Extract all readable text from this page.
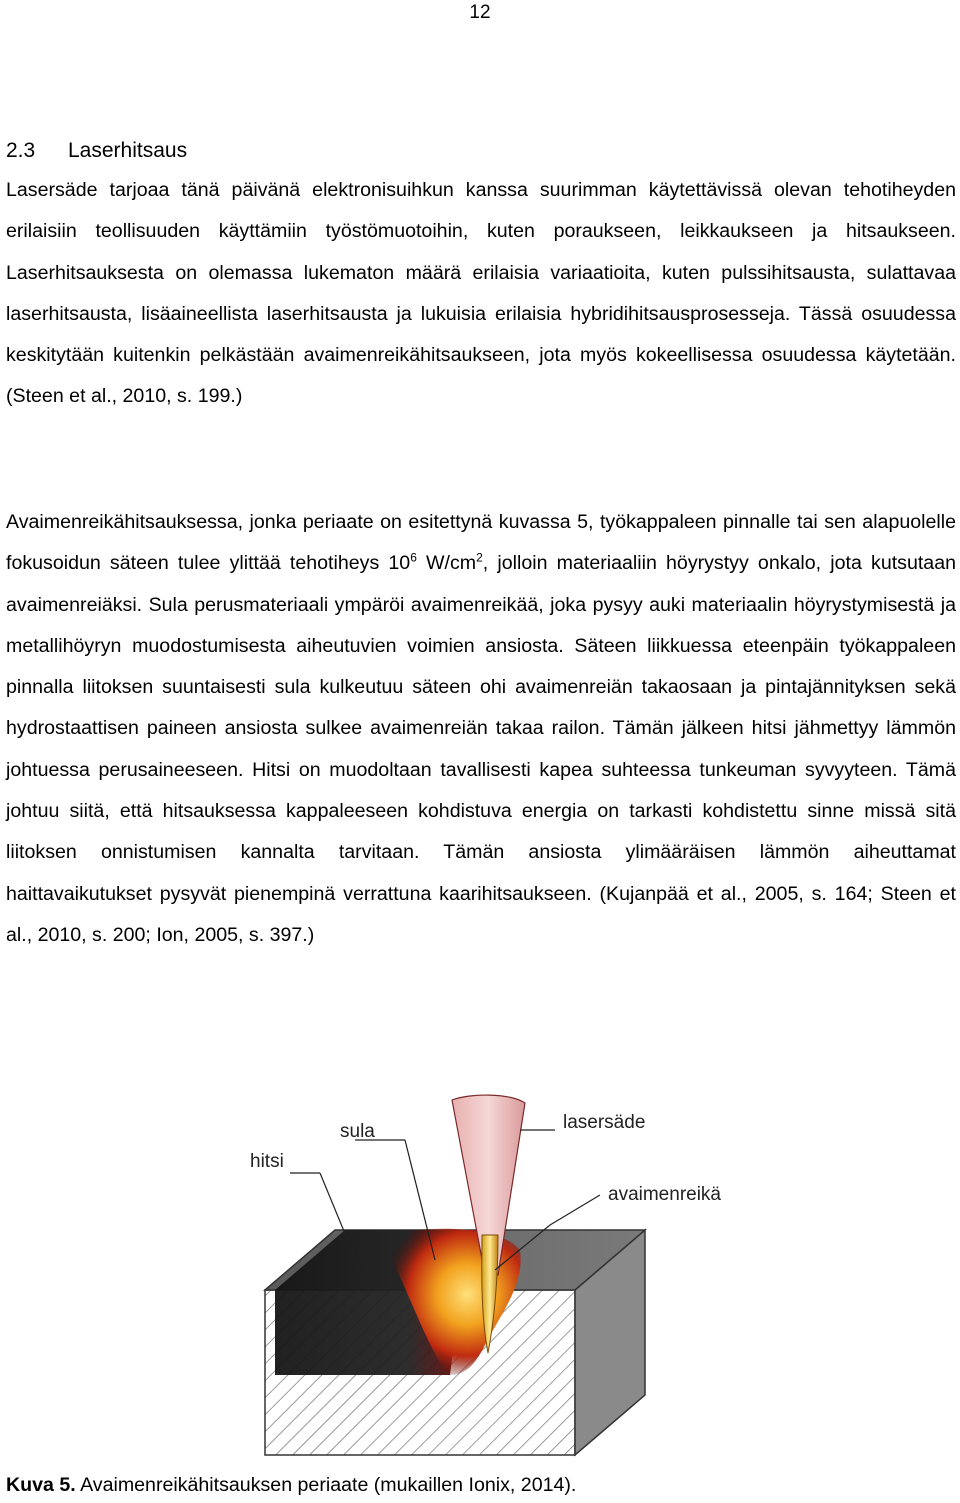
12
2.3 Laserhitsaus

Lasersäde tarjoaa tänä päivänä elektronisuihkun kanssa suurimman käytettävissä olevan tehotiheyden erilaisiin teollisuuden käyttämiin työstömuotoihin, kuten poraukseen, leikkaukseen ja hitsaukseen. Laserhitsauksesta on olemassa lukematon määrä erilaisia variaatioita, kuten pulssihitsausta, sulattavaa laserhitsausta, lisäaineellista laserhitsausta ja lukuisia erilaisia hybridihitsausprosesseja. Tässä osuudessa keskitytään kuitenkin pelkästään avaimenreikähitsaukseen, jota myös kokeellisessa osuudessa käytetään. (Steen et al., 2010, s. 199.)

Avaimenreikähitsauksessa, jonka periaate on esitettynä kuvassa 5, työkappaleen pinnalle tai sen alapuolelle fokusoidun säteen tulee ylittää tehotiheys $10^6$ $W/cm^2$, jolloin materiaaliin höyrystyy onkalo, jota kutsutaan avaimenreiäksi. Sula perusmateriaali ympäröi avaimenreikää, joka pysyy auki materiaalin höyrystymisestä ja metallihöyryn muodostumisesta aiheutuvien voimien ansiosta. Säteen liikkuessa eteenpäin työkappaleen pinnalla liitoksen suuntaisesti sula kulkeutuu säteen ohi avaimenreiän takaosaan ja pintajännityksen sekä hydrostaattisen paineen ansiosta sulkee avaimenreiän takaa railon. Tämän jälkeen hitsi jähmettyy lämmön johtuessa perusaineeseen. Hitsi on muodoltaan tavallisesti kapea suhteessa tunkeuman syvyyteen. Tämä johtuu siitä, että hitsauksessa kappaleeseen kohdistuva energia on tarkasti kohdistettu sinne missä sitä liitoksen onnistumisen kannalta tarvitaan. Tämän ansiosta ylimääräisen lämmön aiheuttamat haittavaikutukset pysyvät pienempinä verrattuna kaarihitsaukseen. (Kujanpää et al., 2005, s. 164; Steen et al., 2010, s. 200; Ion, 2005, s. 397.)

sula
hitsi
lasersäde
avaimenreikä
Kuva 5. Avaimenreikähitsauksen periaate (mukaillen Ionix, 2014).
